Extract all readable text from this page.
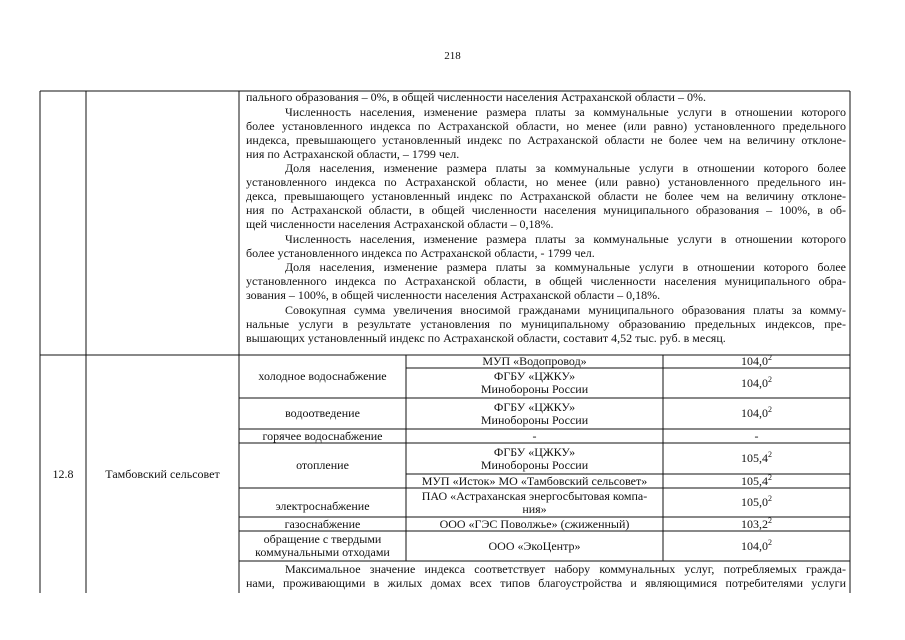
218
пального образования – 0%, в общей численности населения Астраханской области – 0%.
Численность населения, изменение размера платы за коммунальные услуги в отношении которого
более установленного индекса по Астраханской области, но менее (или равно) установленного предельного
индекса, превышающего установленный индекс по Астраханской области не более чем на величину отклоне-
ния по Астраханской области, – 1799 чел.
Доля населения, изменение размера платы за коммунальные услуги в отношении которого более
установленного индекса по Астраханской области, но менее (или равно) установленного предельного ин-
декса, превышающего установленный индекс по Астраханской области не более чем на величину отклоне-
ния по Астраханской области, в общей численности населения муниципального образования – 100%, в об-
щей численности населения Астраханской области – 0,18%.
Численность населения, изменение размера платы за коммунальные услуги в отношении которого
более установленного индекса по Астраханской области, - 1799 чел.
Доля населения, изменение размера платы за коммунальные услуги в отношении которого более
установленного индекса по Астраханской области, в общей численности населения муниципального обра-
зования – 100%, в общей численности населения Астраханской области – 0,18%.
Совокупная сумма увеличения вносимой гражданами муниципального образования платы за комму-
нальные услуги в результате установления по муниципальному образованию предельных индексов, пре-
вышающих установленный индекс по Астраханской области, составит 4,52 тыс. руб. в месяц.
12.8	Тамбовский сельсовет
холодное водоснабжение
водоотведение
горячее водоснабжение
отопление
электроснабжение
газоснабжение
обращение с твердыми
коммунальными отходами
МУП «Водопровод»
ФГБУ «ЦЖКУ»
Минобороны России
ФГБУ «ЦЖКУ»
Минобороны России
-
ФГБУ «ЦЖКУ»
Минобороны России
МУП «Исток» МО «Тамбовский сельсовет»
ПАО «Астраханская энергосбытовая компа-
ния»
ООО «ГЭС Поволжье» (сжиженный)
ООО «ЭкоЦентр»
104,0$^2$
104,0$^2$
104,0$^2$
-
105,4$^2$
105,4$^2$
105,0$^2$
103,2$^2$
104,0$^2$
Максимальное значение индекса соответствует набору коммунальных услуг, потребляемых гражда-
нами, проживающими в жилых домах всех типов благоустройства и являющимися потребителями услуги
